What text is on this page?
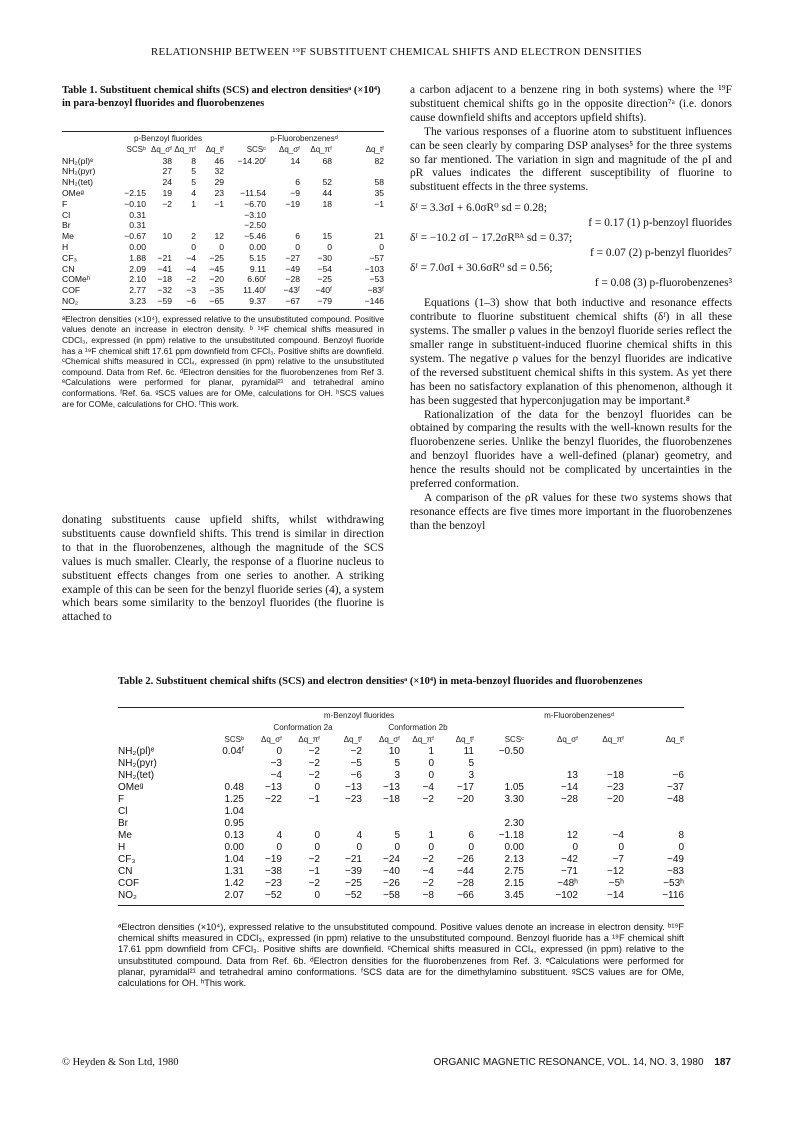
RELATIONSHIP BETWEEN ¹⁹F SUBSTITUENT CHEMICAL SHIFTS AND ELECTRON DENSITIES
Table 1. Substituent chemical shifts (SCS) and electron densitiesᵃ (×10⁴) in para-benzoyl fluorides and fluorobenzenes
	p-Benzoyl fluorides				p-Fluorobenzenesᵈ			
	SCSᵇ	Δq_σᶠ	Δq_πᶠ	Δq_tᶠ	SCSᶜ	Δq_σᶠ	Δq_πᶠ	Δq_tᶠ
NH₂(pl)ᵉ		38	8	46	−14.20ᶠ	14	68	82
NH₂(pyr)		27	5	32				
NH₂(tet)		24	5	29		6	52	58
OMeᵍ	−2.15	19	4	23	−11.54	−9	44	35
F	−0.10	−2	1	−1	−6.70	−19	18	−1
Cl	0.31				−3.10			
Br	0.31				−2.50			
Me	−0.67	10	2	12	−5.46	6	15	21
H	0.00		0	0	0.00	0	0	0
CF₃	1.88	−21	−4	−25	5.15	−27	−30	−57
CN	2.09	−41	−4	−45	9.11	−49	−54	−103
COMeʰ	2.10	−18	−2	−20	6.60ᶠ	−28	−25	−53
COF	2.77	−32	−3	−35	11.40ᶠ	−43ᶠ	−40ᶠ	−83ᶠ
NO₂	3.23	−59	−6	−65	9.37	−67	−79	−146
ᵃElectron densities (×10⁴), expressed relative to the unsubstituted compound. Positive values denote an increase in electron density. ᵇ ¹⁹F chemical shifts measured in CDCl₃, expressed (in ppm) relative to the unsubstituted compound. Benzoyl fluoride has a ¹⁹F chemical shift 17.61 ppm downfield from CFCl₃. Positive shifts are downfield. ᶜChemical shifts measured in CCl₄, expressed (in ppm) relative to the unsubstituted compound. Data from Ref. 6c. ᵈElectron densities for the fluorobenzenes from Ref 3. ᵉCalculations were performed for planar, pyramidal²¹ and tetrahedral amino conformations. ᶠRef. 6a. ᵍSCS values are for OMe, calculations for OH. ʰSCS values are for COMe, calculations for CHO. ᶠThis work.

donating substituents cause upfield shifts, whilst withdrawing substituents cause downfield shifts. This trend is similar in direction to that in the fluorobenzenes, although the magnitude of the SCS values is much smaller. Clearly, the response of a fluorine nucleus to substituent effects changes from one series to another. A striking example of this can be seen for the benzyl fluoride series (4), a system which bears some similarity to the benzoyl fluorides (the fluorine is attached to

a carbon adjacent to a benzene ring in both systems) where the ¹⁹F substituent chemical shifts go in the opposite direction⁷ᵃ (i.e. donors cause downfield shifts and acceptors upfield shifts).

The various responses of a fluorine atom to substituent influences can be seen clearly by comparing DSP analyses⁵ for the three systems so far mentioned. The variation in sign and magnitude of the ρI and ρR values indicates the different susceptibility of fluorine to substituent effects in the three systems.

δᶠ = 3.3σI + 6.0σR⁰ sd = 0.28;
f = 0.17 (1) p-benzoyl fluorides
δᶠ = −10.2 σI − 17.2σRᴮᴬ sd = 0.37;
f = 0.07 (2) p-benzyl fluorides⁷
δᶠ = 7.0σI + 30.6σR⁰ sd = 0.56;
f = 0.08 (3) p-fluorobenzenes³

Equations (1–3) show that both inductive and resonance effects contribute to fluorine substituent chemical shifts (δᶠ) in all these systems. The smaller ρ values in the benzoyl fluoride series reflect the smaller range in substituent-induced fluorine chemical shifts in this system. The negative ρ values for the benzyl fluorides are indicative of the reversed substituent chemical shifts in this system. As yet there has been no satisfactory explanation of this phenomenon, although it has been suggested that hyperconjugation may be important.⁸

Rationalization of the data for the benzoyl fluorides can be obtained by comparing the results with the well-known results for the fluorobenzene series. Unlike the benzyl fluorides, the fluorobenzenes and benzoyl fluorides have a well-defined (planar) geometry, and hence the results should not be complicated by uncertainties in the preferred conformation.

A comparison of the ρR values for these two systems shows that resonance effects are five times more important in the fluorobenzenes than the benzoyl

Table 2. Substituent chemical shifts (SCS) and electron densitiesᵃ (×10⁴) in meta-benzoyl fluorides and fluorobenzenes
		m-Benzoyl fluorides						m-Fluorobenzenesᵈ			
		Conformation 2a			Conformation 2b						
	SCSᵇ	Δq_σᶠ	Δq_πᶠ	Δq_tᶠ	Δq_σᶠ	Δq_πᶠ	Δq_tᶠ	SCSᶜ	Δq_σᶠ	Δq_πᶠ	Δq_tᶠ
NH₂(pl)ᵉ	0.04ᶠ	0	−2	−2	10	1	11	−0.50			
NH₂(pyr)		−3	−2	−5	5	0	5				
NH₂(tet)		−4	−2	−6	3	0	3		13	−18	−6
OMeᵍ	0.48	−13	0	−13	−13	−4	−17	1.05	−14	−23	−37
F	1.25	−22	−1	−23	−18	−2	−20	3.30	−28	−20	−48
Cl	1.04										
Br	0.95							2.30			
Me	0.13	4	0	4	5	1	6	−1.18	12	−4	8
H	0.00	0	0	0	0	0	0	0.00	0	0	0
CF₃	1.04	−19	−2	−21	−24	−2	−26	2.13	−42	−7	−49
CN	1.31	−38	−1	−39	−40	−4	−44	2.75	−71	−12	−83
COF	1.42	−23	−2	−25	−26	−2	−28	2.15	−48ʰ	−5ʰ	−53ʰ
NO₂	2.07	−52	0	−52	−58	−8	−66	3.45	−102	−14	−116
ᵃElectron densities (×10⁴), expressed relative to the unsubstituted compound. Positive values denote an increase in electron density. ᵇ¹⁹F chemical shifts measured in CDCl₃, expressed (in ppm) relative to the unsubstituted compound. Benzoyl fluoride has a ¹⁹F chemical shift 17.61 ppm downfield from CFCl₃. Positive shifts are downfield. ᶜChemical shifts measured in CCl₄, expressed (in ppm) relative to the unsubstituted compound. Data from Ref. 6b. ᵈElectron densities for the fluorobenzenes from Ref. 3. ᵉCalculations were performed for planar, pyramidal²¹ and tetrahedral amino conformations. ᶠSCS data are for the dimethylamino substituent. ᵍSCS values are for OMe, calculations for OH. ʰThis work.
© Heyden & Son Ltd, 1980	ORGANIC MAGNETIC RESONANCE, VOL. 14, NO. 3, 1980 187
